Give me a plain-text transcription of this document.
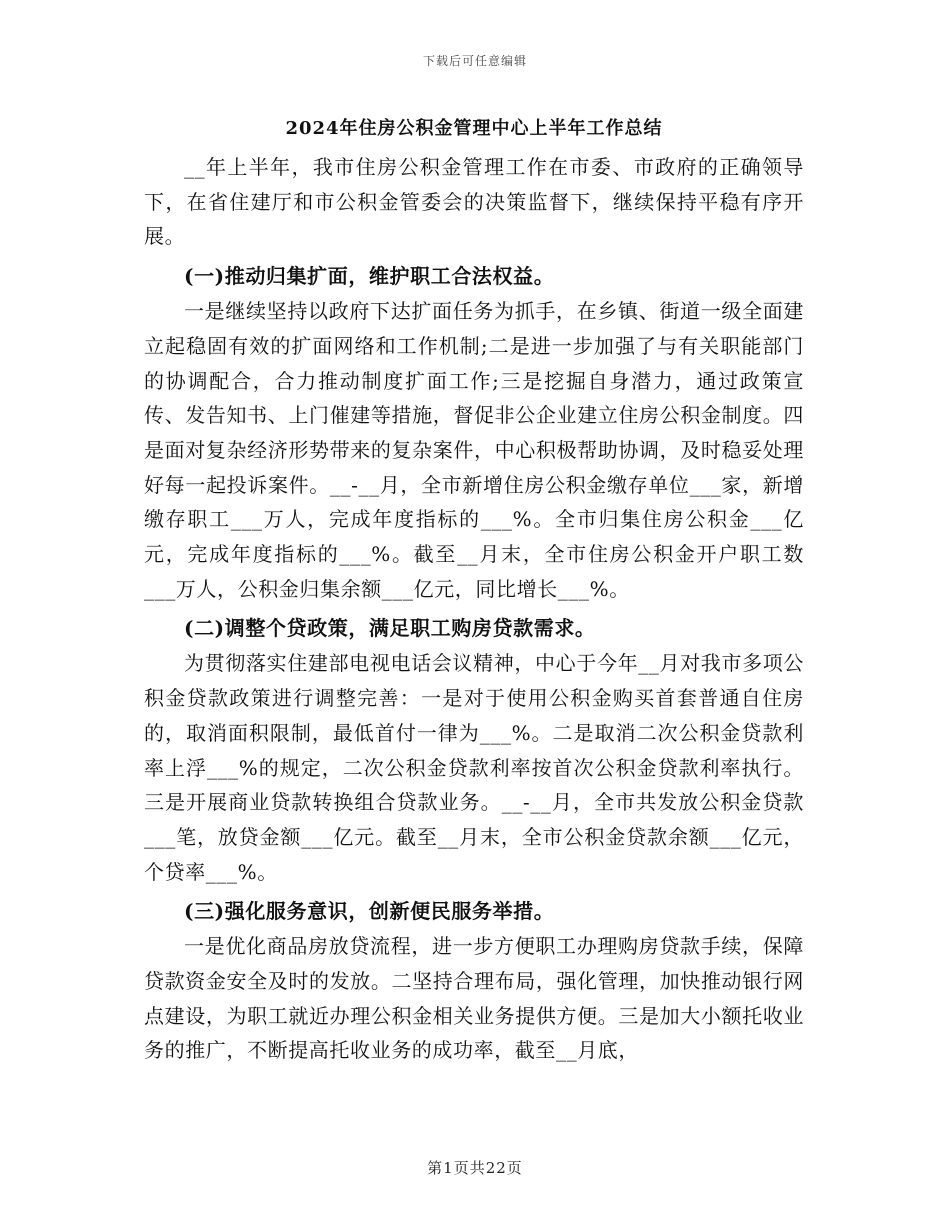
下载后可任意编辑
2024年住房公积金管理中心上半年工作总结

__年上半年，我市住房公积金管理工作在市委、市政府的正确领导下，在省住建厅和市公积金管委会的决策监督下，继续保持平稳有序开展。

(一)推动归集扩面，维护职工合法权益。

一是继续坚持以政府下达扩面任务为抓手，在乡镇、街道一级全面建立起稳固有效的扩面网络和工作机制;二是进一步加强了与有关职能部门的协调配合，合力推动制度扩面工作;三是挖掘自身潜力，通过政策宣传、发告知书、上门催建等措施，督促非公企业建立住房公积金制度。四是面对复杂经济形势带来的复杂案件，中心积极帮助协调，及时稳妥处理好每一起投诉案件。__-__月，全市新增住房公积金缴存单位___家，新增缴存职工___万人，完成年度指标的___%。全市归集住房公积金___亿元，完成年度指标的___%。截至__月末，全市住房公积金开户职工数___万人，公积金归集余额___亿元，同比增长___%。

(二)调整个贷政策，满足职工购房贷款需求。

为贯彻落实住建部电视电话会议精神，中心于今年__月对我市多项公积金贷款政策进行调整完善：一是对于使用公积金购买首套普通自住房的，取消面积限制，最低首付一律为___%。二是取消二次公积金贷款利率上浮___%的规定，二次公积金贷款利率按首次公积金贷款利率执行。三是开展商业贷款转换组合贷款业务。__-__月，全市共发放公积金贷款___笔，放贷金额___亿元。截至__月末，全市公积金贷款余额___亿元，个贷率___%。

(三)强化服务意识，创新便民服务举措。

一是优化商品房放贷流程，进一步方便职工办理购房贷款手续，保障贷款资金安全及时的发放。二坚持合理布局，强化管理，加快推动银行网点建设，为职工就近办理公积金相关业务提供方便。三是加大小额托收业务的推广，不断提高托收业务的成功率，截至__月底，

第1页共22页
